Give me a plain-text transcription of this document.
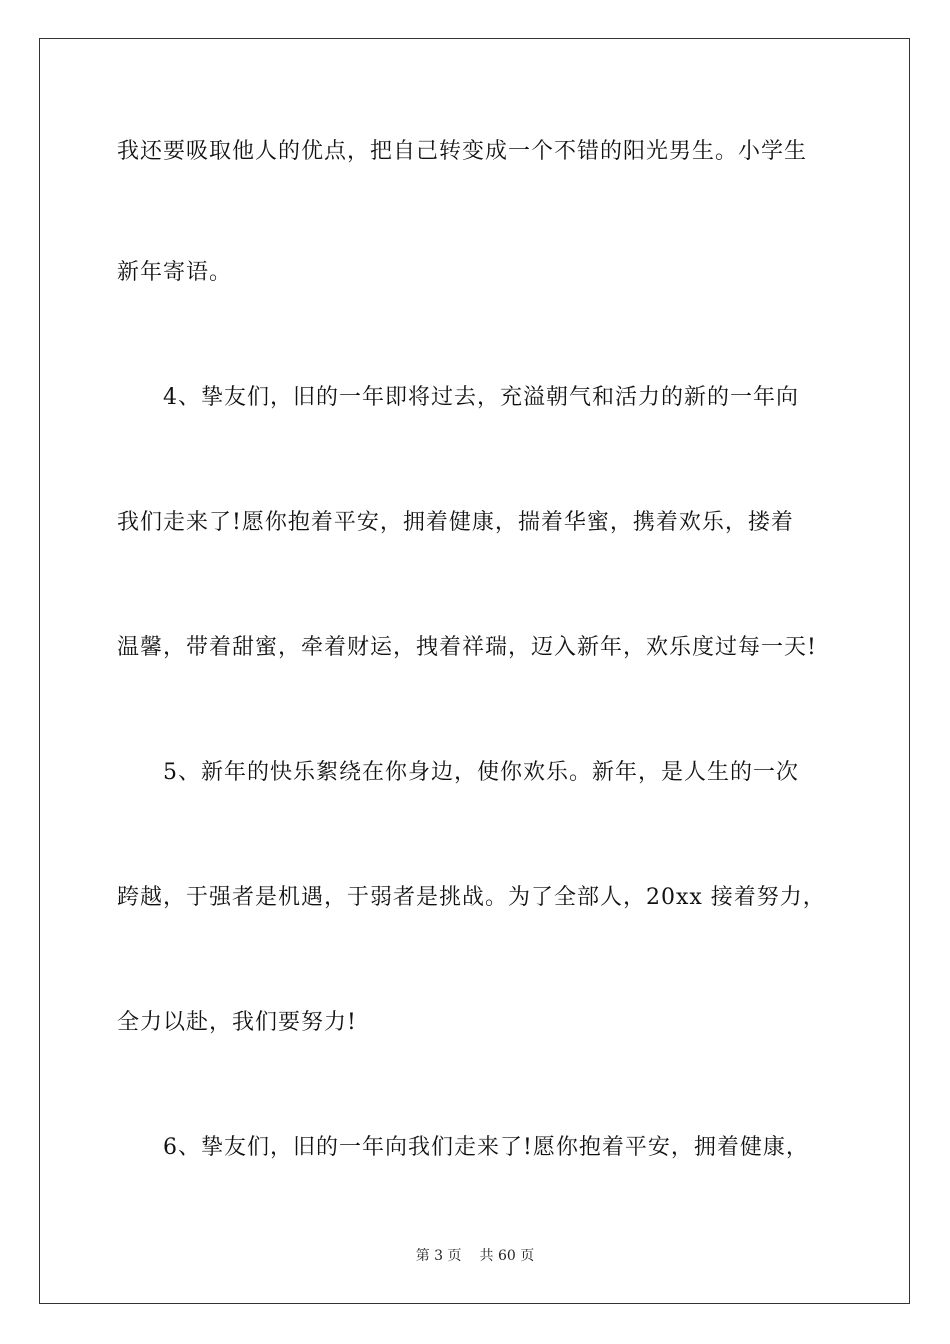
我还要吸取他人的优点，把自己转变成一个不错的阳光男生。小学生
新年寄语。
4、挚友们，旧的一年即将过去，充溢朝气和活力的新的一年向
我们走来了!愿你抱着平安，拥着健康，揣着华蜜，携着欢乐，搂着
温馨，带着甜蜜，牵着财运，拽着祥瑞，迈入新年，欢乐度过每一天!
5、新年的快乐絮绕在你身边，使你欢乐。新年，是人生的一次
跨越，于强者是机遇，于弱者是挑战。为了全部人，20xx 接着努力，
全力以赴，我们要努力!
6、挚友们，旧的一年向我们走来了!愿你抱着平安，拥着健康，
第 3 页 共 60 页
